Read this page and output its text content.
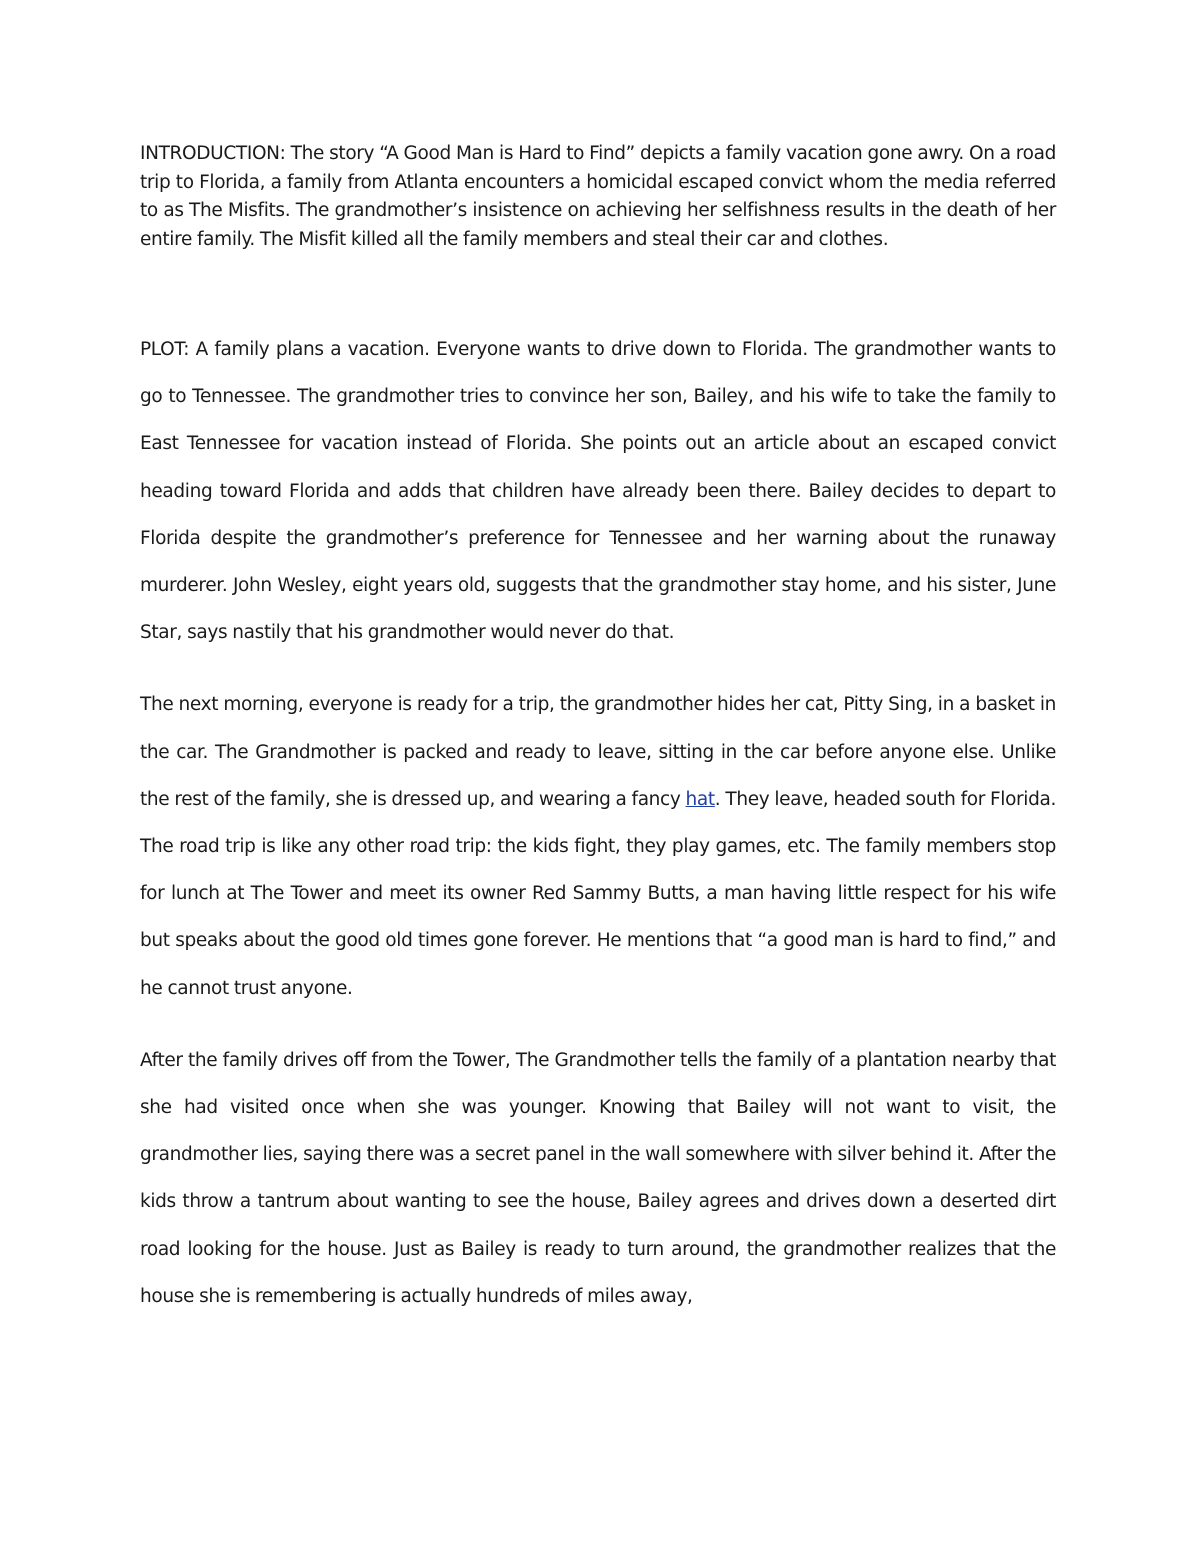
INTRODUCTION: The story “A Good Man is Hard to Find” depicts a family vacation gone awry. On a road trip to Florida, a family from Atlanta encounters a homicidal escaped convict whom the media referred to as The Misfits. The grandmother’s insistence on achieving her selfishness results in the death of her entire family. The Misfit killed all the family members and steal their car and clothes.

PLOT: A family plans a vacation. Everyone wants to drive down to Florida. The grandmother wants to go to Tennessee. The grandmother tries to convince her son, Bailey, and his wife to take the family to East Tennessee for vacation instead of Florida. She points out an article about an escaped convict heading toward Florida and adds that children have already been there. Bailey decides to depart to Florida despite the grandmother’s preference for Tennessee and her warning about the runaway murderer. John Wesley, eight years old, suggests that the grandmother stay home, and his sister, June Star, says nastily that his grandmother would never do that.

The next morning, everyone is ready for a trip, the grandmother hides her cat, Pitty Sing, in a basket in the car. The Grandmother is packed and ready to leave, sitting in the car before anyone else. Unlike the rest of the family, she is dressed up, and wearing a fancy hat. They leave, headed south for Florida. The road trip is like any other road trip: the kids fight, they play games, etc. The family members stop for lunch at The Tower and meet its owner Red Sammy Butts, a man having little respect for his wife but speaks about the good old times gone forever. He mentions that “a good man is hard to find,” and he cannot trust anyone.

After the family drives off from the Tower, The Grandmother tells the family of a plantation nearby that she had visited once when she was younger. Knowing that Bailey will not want to visit, the grandmother lies, saying there was a secret panel in the wall somewhere with silver behind it. After the kids throw a tantrum about wanting to see the house, Bailey agrees and drives down a deserted dirt road looking for the house. Just as Bailey is ready to turn around, the grandmother realizes that the house she is remembering is actually hundreds of miles away,
